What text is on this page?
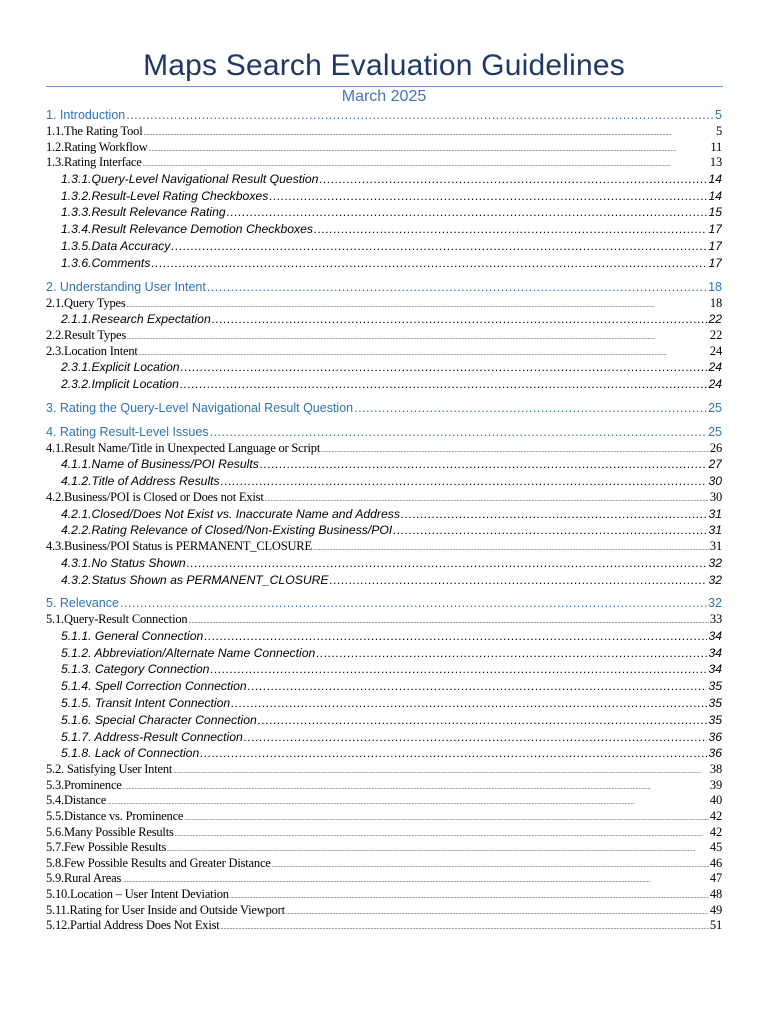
Maps Search Evaluation Guidelines
March 2025
1. Introduction .....	5
1.1.The Rating Tool .....	5
1.2.Rating Workflow .....	11
1.3.Rating Interface .....	13
1.3.1.Query-Level Navigational Result Question .....	14
1.3.2.Result-Level Rating Checkboxes .....	14
1.3.3.Result Relevance Rating .....	15
1.3.4.Result Relevance Demotion Checkboxes .....	17
1.3.5.Data Accuracy .....	17
1.3.6.Comments .....	17
2. Understanding User Intent .....	18
2.1.Query Types .....	18
2.1.1.Research Expectation .....	22
2.2.Result Types .....	22
2.3.Location Intent .....	24
2.3.1.Explicit Location .....	24
2.3.2.Implicit Location .....	24
3. Rating the Query-Level Navigational Result Question .....	25
4. Rating Result-Level Issues .....	25
4.1.Result Name/Title in Unexpected Language or Script .....	26
4.1.1.Name of Business/POI Results .....	27
4.1.2.Title of Address Results .....	30
4.2.Business/POI is Closed or Does not Exist .....	30
4.2.1.Closed/Does Not Exist vs. Inaccurate Name and Address .....	31
4.2.2.Rating Relevance of Closed/Non-Existing Business/POI .....	31
4.3.Business/POI Status is PERMANENT_CLOSURE .....	31
4.3.1.No Status Shown .....	32
4.3.2.Status Shown as PERMANENT_CLOSURE .....	32
5. Relevance .....	32
5.1.Query-Result Connection .....	33
5.1.1. General Connection .....	34
5.1.2. Abbreviation/Alternate Name Connection .....	34
5.1.3. Category Connection .....	34
5.1.4. Spell Correction Connection .....	35
5.1.5. Transit Intent Connection .....	35
5.1.6. Special Character Connection .....	35
5.1.7. Address-Result Connection .....	36
5.1.8. Lack of Connection .....	36
5.2. Satisfying User Intent .....	38
5.3.Prominence .....	39
5.4.Distance .....	40
5.5.Distance vs. Prominence .....	42
5.6.Many Possible Results .....	42
5.7.Few Possible Results .....	45
5.8.Few Possible Results and Greater Distance .....	46
5.9.Rural Areas .....	47
5.10.Location – User Intent Deviation .....	48
5.11.Rating for User Inside and Outside Viewport .....	49
5.12.Partial Address Does Not Exist .....	51
